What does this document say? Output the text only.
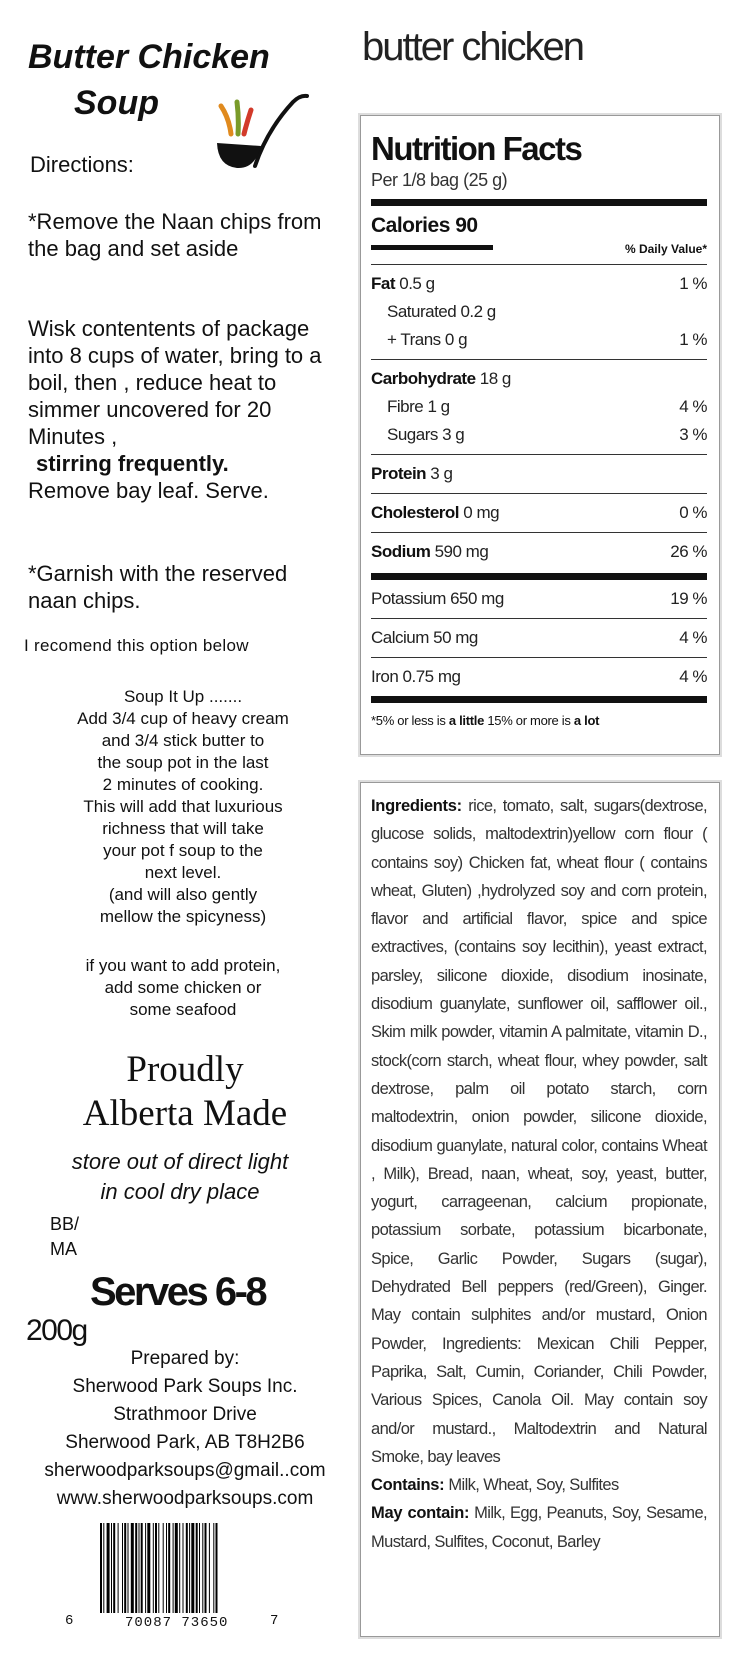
Butter Chicken
Soup
Directions:
*Remove the Naan chips from the bag and set aside
Wisk contentents of package into 8 cups of water, bring to a boil, then , reduce heat to simmer uncovered for 20 Minutes ,
stirring frequently.
Remove bay leaf. Serve.
*Garnish with the reserved naan chips.
I recomend this option below
Soup It Up .......
Add 3/4 cup of heavy cream
and 3/4 stick butter to
the soup pot in the last
2 minutes of cooking.
This will add that luxurious
richness that will take
your pot f soup to the
next level.
(and will also gently
mellow the spicyness)
if you want to add protein,
add some chicken or
some seafood
Proudly
Alberta Made
store out of direct light
in cool dry place
BB/
MA
Serves 6-8
200g
Prepared by:
Sherwood Park Soups Inc.
Strathmoor Drive
Sherwood Park, AB T8H2B6
sherwoodparksoups@gmail..com
www.sherwoodparksoups.com
6	70087 73650	7
butter chicken
Nutrition Facts
Per 1/8 bag (25 g)
Calories 90
% Daily Value*
Fat 0.5 g	1 %
Saturated 0.2 g
+ Trans 0 g	1 %
Carbohydrate 18 g
Fibre 1 g	4 %
Sugars 3 g	3 %
Protein 3 g
Cholesterol 0 mg	0 %
Sodium 590 mg	26 %
Potassium 650 mg	19 %
Calcium 50 mg	4 %
Iron 0.75 mg	4 %
*5% or less is a little 15% or more is a lot
Ingredients: rice, tomato, salt, sugars(dextrose, glucose solids, maltodextrin)yellow corn flour ( contains soy) Chicken fat, wheat flour ( contains wheat, Gluten) ,hydrolyzed soy and corn protein, flavor and artificial flavor, spice and spice extractives, (contains soy lecithin), yeast extract, parsley, silicone dioxide, disodium inosinate, disodium guanylate, sunflower oil, safflower oil., Skim milk powder, vitamin A palmitate, vitamin D., stock(corn starch, wheat flour, whey powder, salt dextrose, palm oil potato starch, corn maltodextrin, onion powder, silicone dioxide, disodium guanylate, natural color, contains Wheat , Milk), Bread, naan, wheat, soy, yeast, butter, yogurt, carrageenan, calcium propionate, potassium sorbate, potassium bicarbonate, Spice, Garlic Powder, Sugars (sugar), Dehydrated Bell peppers (red/Green), Ginger. May contain sulphites and/or mustard, Onion Powder, Ingredients: Mexican Chili Pepper, Paprika, Salt, Cumin, Coriander, Chili Powder, Various Spices, Canola Oil. May contain soy and/or mustard., Maltodextrin and Natural Smoke, bay leaves
Contains: Milk, Wheat, Soy, Sulfites
May contain: Milk, Egg, Peanuts, Soy, Sesame, Mustard, Sulfites, Coconut, Barley
